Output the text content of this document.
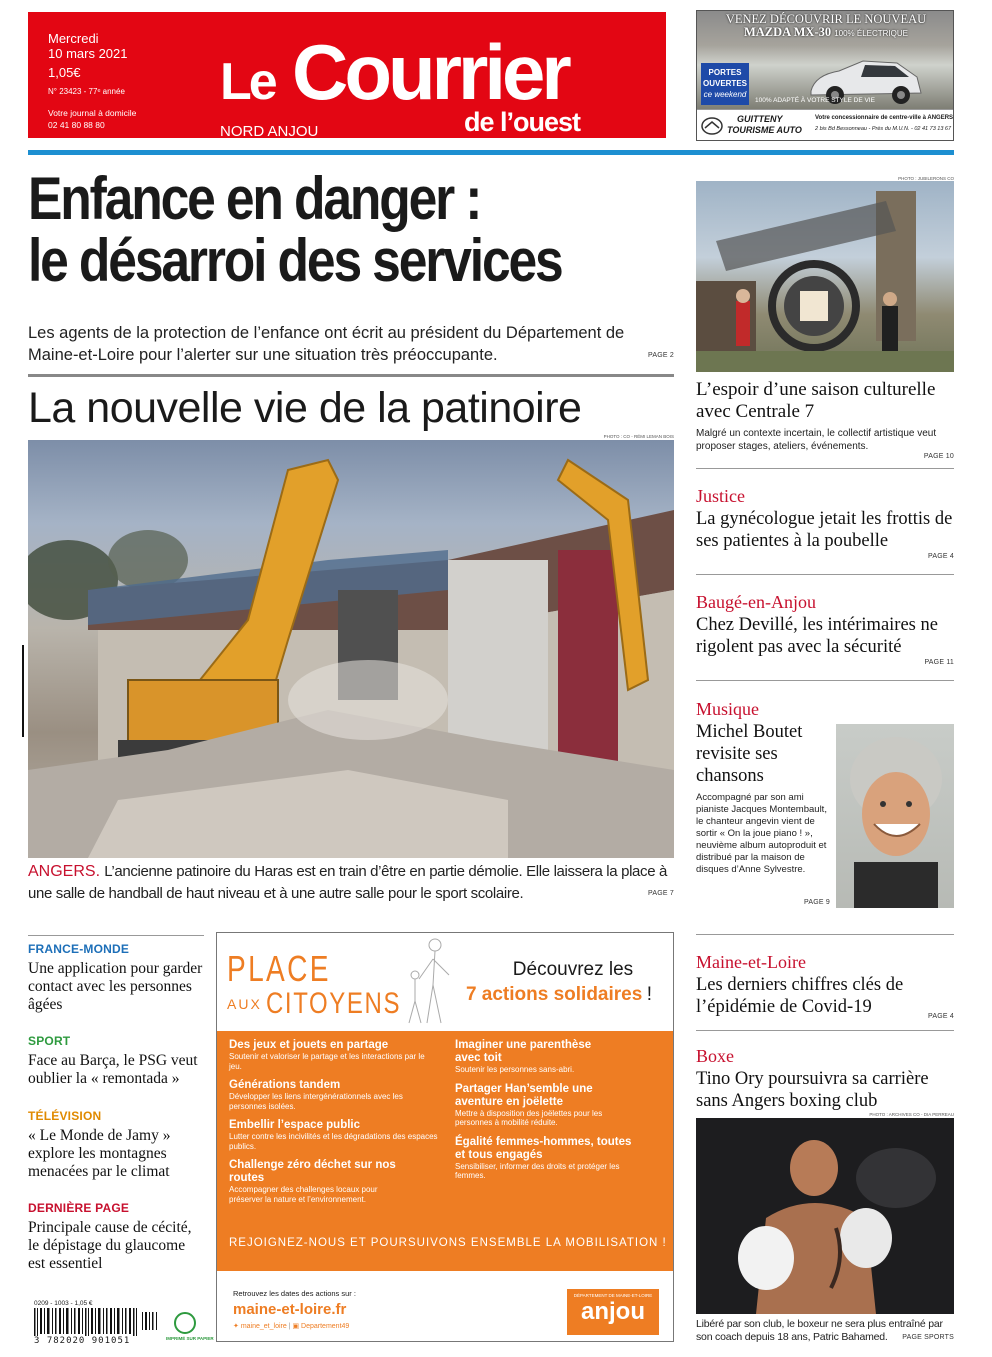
Mercredi
10 mars 2021
1,05€
N° 23423 - 77ᵉ année
Votre journal à domicile
02 41 80 88 80
Le Courrier
de l’ouest
NORD ANJOU
VENEZ DÉCOUVRIR LE NOUVEAU
MAZDA MX-30 100% ÉLECTRIQUE
PORTES
OUVERTES
ce weekend
100% ADAPTÉ À VOTRE STYLE DE VIE
GUITTENY
TOURISME AUTO
Votre concessionnaire de centre-ville à ANGERS
2 bis Bd Bessonneau - Près du M.U.N. - 02 41 73 13 67
Enfance en danger :
le désarroi des services
Les agents de la protection de l’enfance ont écrit au président du Département de Maine-et-Loire pour l’alerter sur une situation très préoccupante.	PAGE 2
La nouvelle vie de la patinoire
PHOTO : CO - RÉMI LEMAN BOIS
ANGERS. L’ancienne patinoire du Haras est en train d’être en partie démolie. Elle laissera la place à une salle de handball de haut niveau et à une autre salle pour le sport scolaire.	PAGE 7
PHOTO : JUBILERONS CO
L’espoir d’une saison culturelle avec Centrale 7
Malgré un contexte incertain, le collectif artistique veut proposer stages, ateliers, événements.
PAGE 10
Justice
La gynécologue jetait les frottis de ses patientes à la poubelle
PAGE 4
Baugé-en-Anjou
Chez Devillé, les intérimaires ne rigolent pas avec la sécurité
PAGE 11
Musique
Michel Boutet revisite ses chansons
Accompagné par son ami pianiste Jacques Montembault, le chanteur angevin vient de sortir « On la joue piano ! », neuvième album autoproduit et distribué par la maison de disques d’Anne Sylvestre.
PAGE 9
Maine-et-Loire
Les derniers chiffres clés de l’épidémie de Covid-19	PAGE 4
Boxe
Tino Ory poursuivra sa carrière sans Angers boxing club
PHOTO : ARCHIVES CO - DIA PERREAU
Libéré par son club, le boxeur ne sera plus entraîné par son coach depuis 18 ans, Patric Bahamed.	PAGE SPORTS
FRANCE-MONDE
Une application pour garder contact avec les personnes âgées
SPORT
Face au Barça, le PSG veut oublier la « remontada »
TÉLÉVISION
« Le Monde de Jamy » explore les montagnes menacées par le climat
DERNIÈRE PAGE
Principale cause de cécité, le dépistage du glaucome est essentiel
0209 - 1003 - 1,05 €
3 782020 901051	IMPRIMÉ SUR PAPIER
PLACE
AUX CITOYENS
Découvrez les
7 actions solidaires !
Des jeux et jouets en partage
Soutenir et valoriser le partage et les interactions par le jeu.
Générations tandem
Développer les liens intergénérationnels avec les personnes isolées.
Embellir l’espace public
Lutter contre les incivilités et les dégradations des espaces publics.
Challenge zéro déchet sur nos routes
Accompagner des challenges locaux pour préserver la nature et l’environnement.
Imaginer une parenthèse avec toit
Soutenir les personnes sans-abri.
Partager Han’semble une aventure en joëlette
Mettre à disposition des joëlettes pour les personnes à mobilité réduite.
Égalité femmes-hommes, toutes et tous engagés
Sensibiliser, informer des droits et protéger les femmes.
REJOIGNEZ-NOUS ET POURSUIVONS ENSEMBLE LA MOBILISATION !
Retrouvez les dates des actions sur :
maine-et-loire.fr
✦ maine_et_loire | ▣ Departement49
DÉPARTEMENT DE MAINE-ET-LOIRE
anjou
